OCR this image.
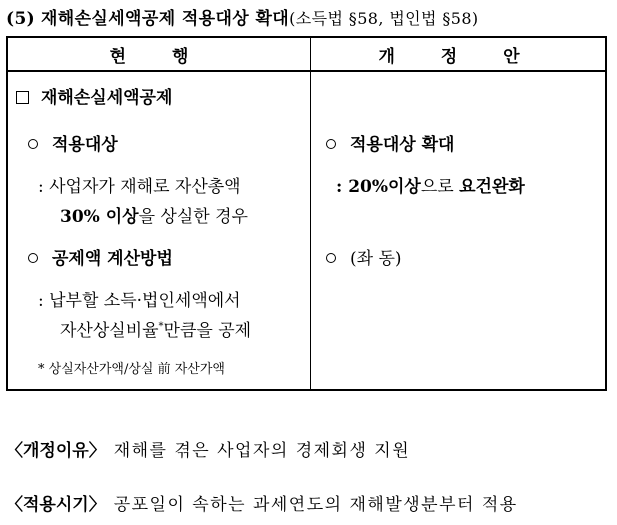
(5) 재해손실세액공제 적용대상 확대(소득법 §58, 법인법 §58)
현 행	개 정 안
재해손실세액공제
적용대상
: 사업자가 재해로 자산총액
30% 이상을 상실한 경우
공제액 계산방법
: 납부할 소득·법인세액에서
자산상실비율*만큼을 공제
* 상실자산가액/상실 前 자산가액
적용대상 확대
: 20%이상으로 요건완화
(좌 동)
〈개정이유〉 재해를 겪은 사업자의 경제회생 지원
〈적용시기〉 공포일이 속하는 과세연도의 재해발생분부터 적용
